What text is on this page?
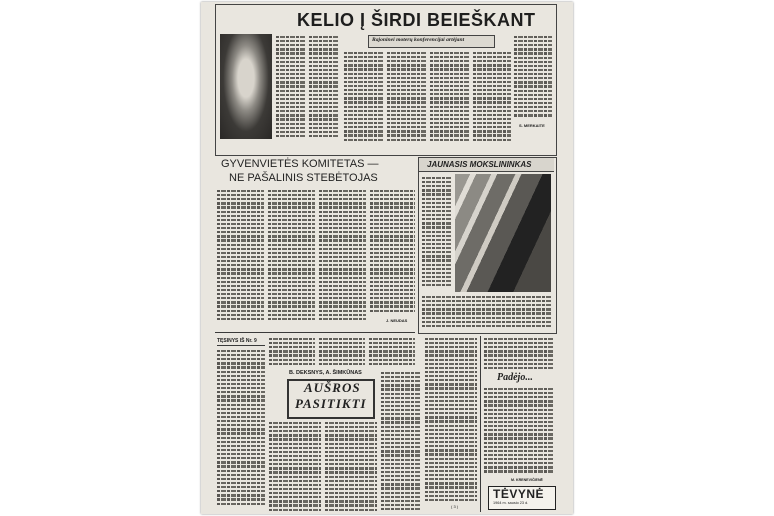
KELIO Į ŠIRDI BEIEŠKANT
Rajoninei moterų konferencijai artėjant
S. MERKAITE
GYVENVIETĖS KOMITETAS —
NE PAŠALINIS STEBĖTOJAS
J. NEUDAS
JAUNASIS MOKSLININKAS
TĘSINYS IŠ Nr. 9
B. DEKSNYS, A. ŠIMKŪNAS
AUŠROS
PASITIKTI
( 3 )
Padėjo...
M. KRENEVIČIENĖ
TĖVYNĖ
1964 m. sausio 23 d.
